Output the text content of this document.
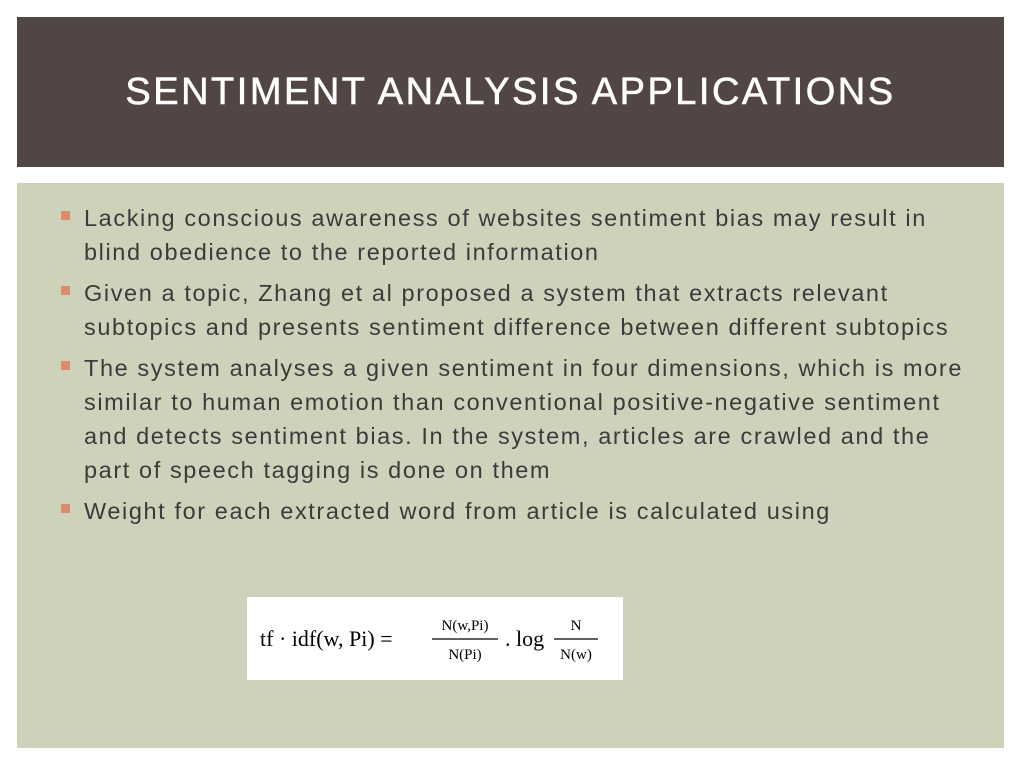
SENTIMENT ANALYSIS APPLICATIONS
Lacking conscious awareness of websites sentiment bias may result in blind obedience to the reported information
Given a topic, Zhang et al proposed a system that extracts relevant subtopics and presents sentiment difference between different subtopics
The system analyses a given sentiment in four dimensions, which is more similar to human emotion than conventional positive-negative sentiment and detects sentiment bias. In the system, articles are crawled and the part of speech tagging is done on them
Weight for each extracted word from article is calculated using
tf · idf(w, Pi) =	N(w,Pi)
N(Pi)
. log N
N(w)
